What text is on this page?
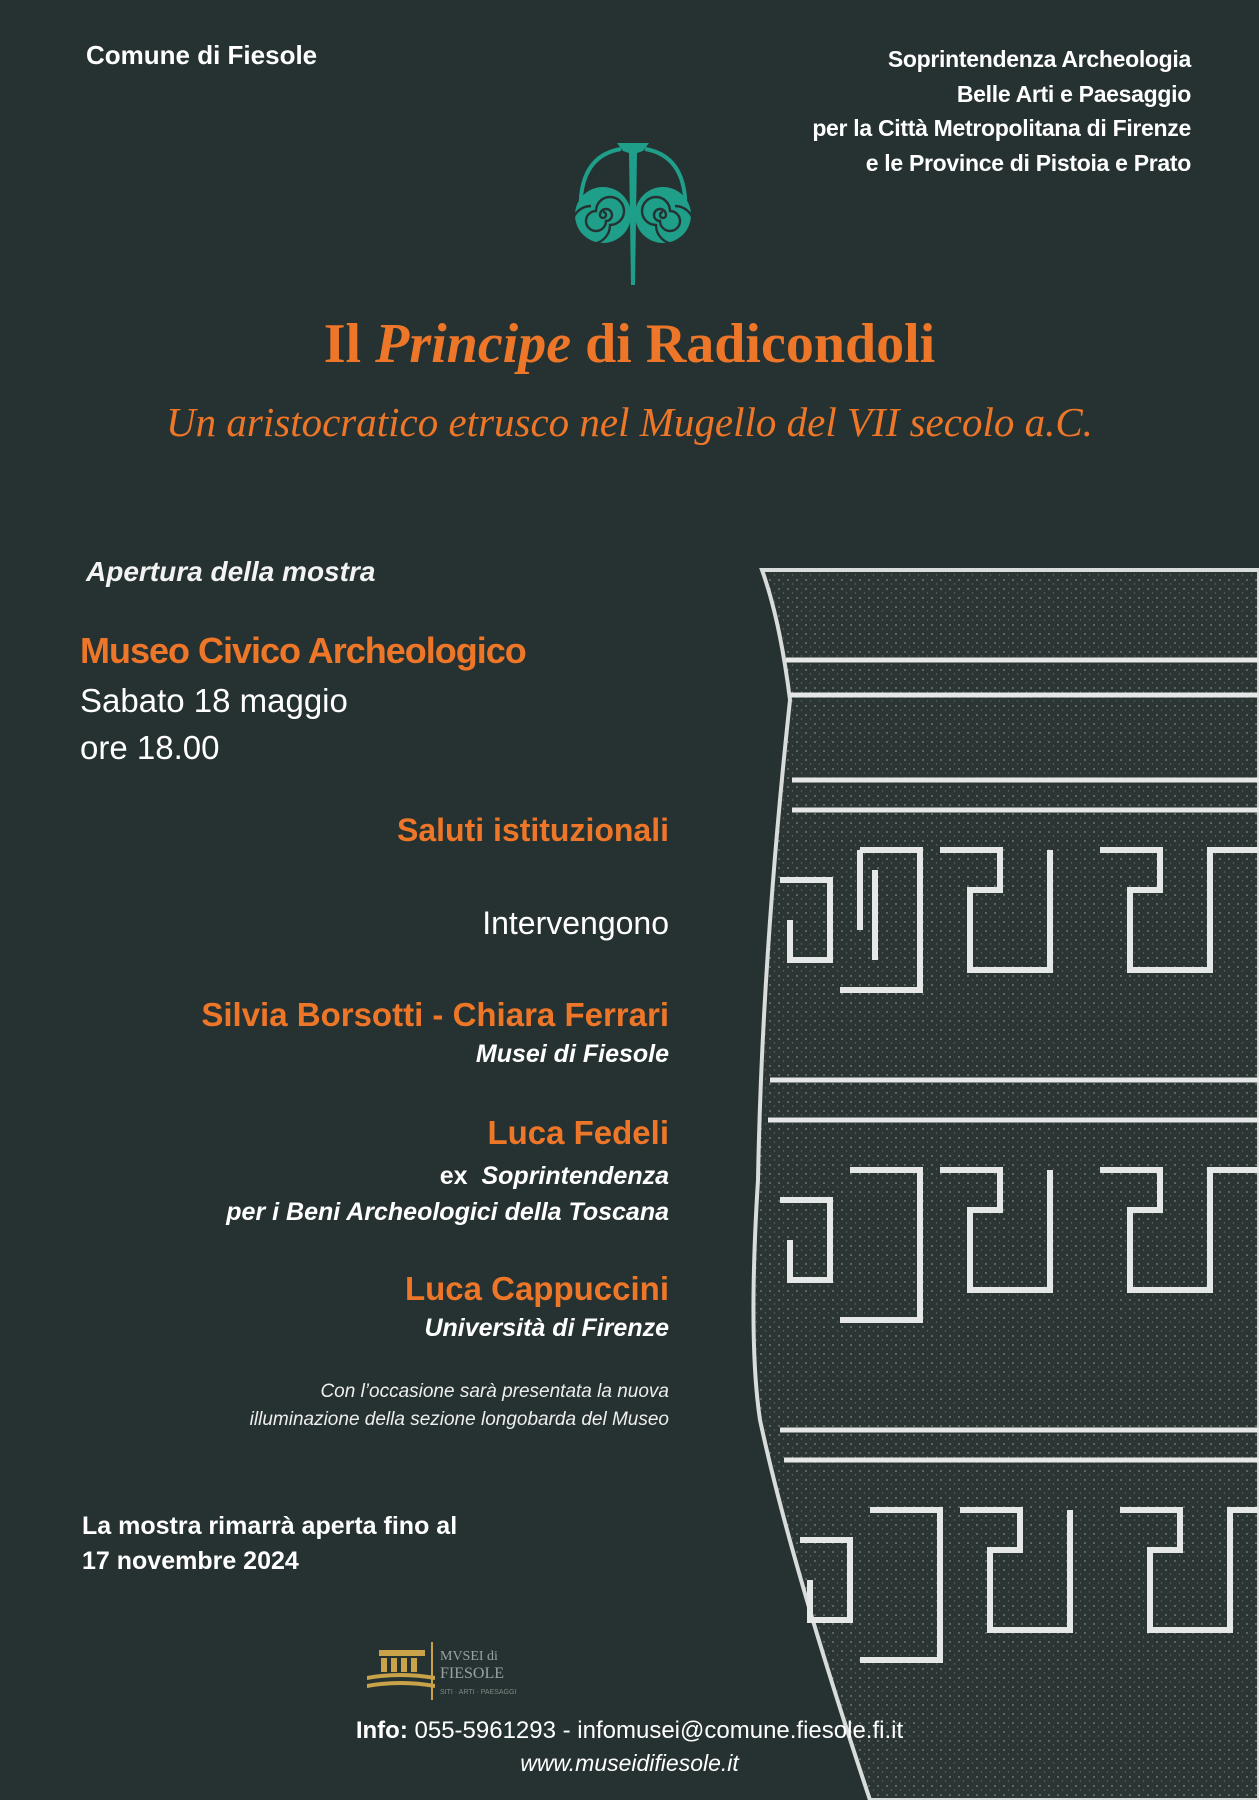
Comune di Fiesole	Soprintendenza Archeologia
Belle Arti e Paesaggio
per la Città Metropolitana di Firenze
e le Province di Pistoia e Prato
Il Principe di Radicondoli
Un aristocratico etrusco nel Mugello del VII secolo a.C.
Apertura della mostra
Museo Civico Archeologico
Sabato 18 maggio
ore 18.00
Saluti istituzionali
Intervengono
Silvia Borsotti - Chiara Ferrari
Musei di Fiesole
Luca Fedeli
ex Soprintendenza
per i Beni Archeologici della Toscana
Luca Cappuccini
Università di Firenze
Con l’occasione sarà presentata la nuova
illuminazione della sezione longobarda del Museo
La mostra rimarrà aperta fino al
17 novembre 2024
MVSEI di
FIESOLE
SITI · ARTI · PAESAGGI
Info: 055-5961293 - infomusei@comune.fiesole.fi.it
www.museidifiesole.it
